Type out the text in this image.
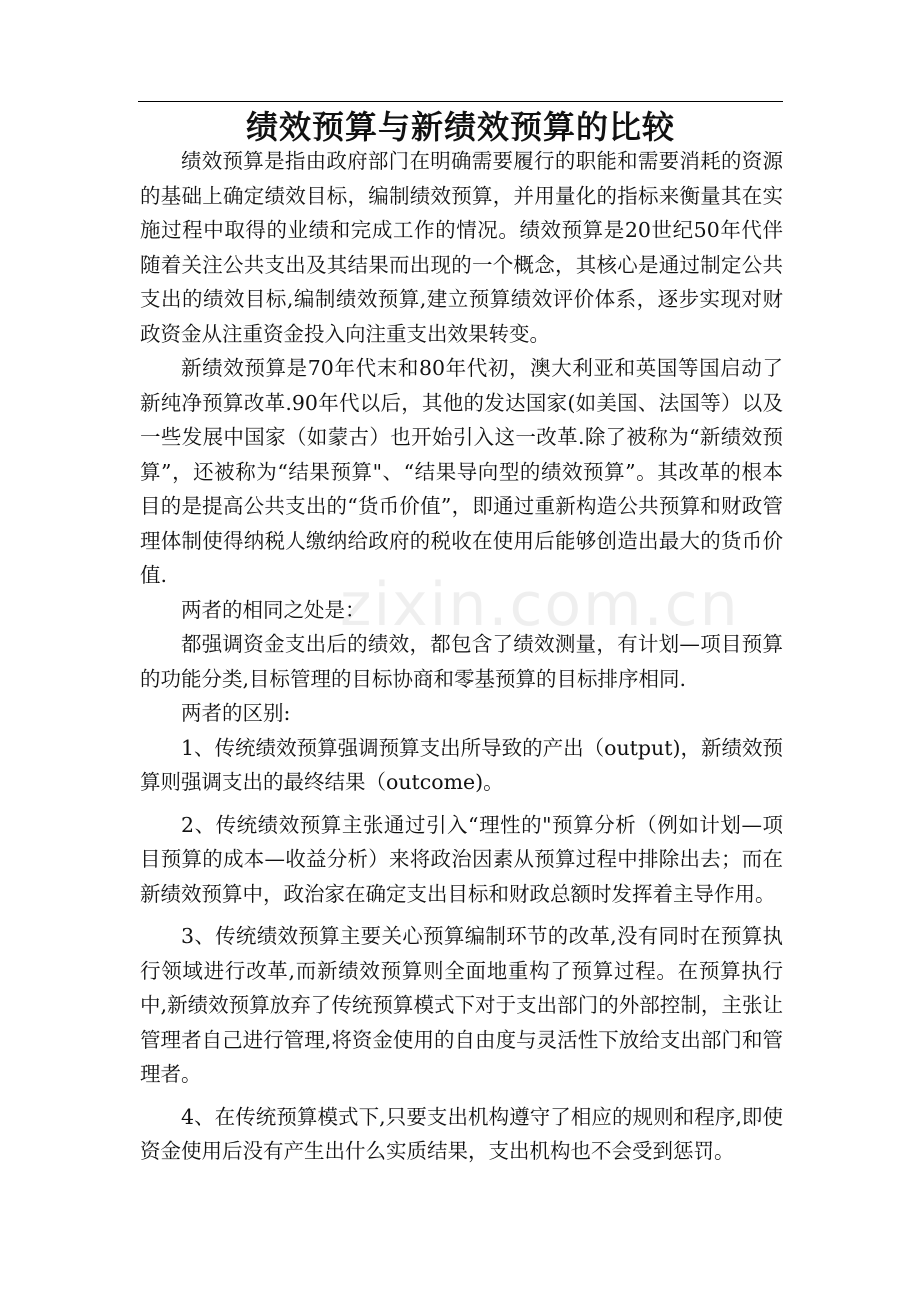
绩效预算与新绩效预算的比较

绩效预算是指由政府部门在明确需要履行的职能和需要消耗的资源的基础上确定绩效目标，编制绩效预算，并用量化的指标来衡量其在实施过程中取得的业绩和完成工作的情况。绩效预算是20世纪50年代伴随着关注公共支出及其结果而出现的一个概念，其核心是通过制定公共支出的绩效目标,编制绩效预算,建立预算绩效评价体系，逐步实现对财政资金从注重资金投入向注重支出效果转变。

新绩效预算是70年代末和80年代初，澳大利亚和英国等国启动了新纯净预算改革.90年代以后，其他的发达国家(如美国、法国等）以及一些发展中国家（如蒙古）也开始引入这一改革.除了被称为“新绩效预算”，还被称为“结果预算"、“结果导向型的绩效预算”。其改革的根本目的是提高公共支出的“货币价值”，即通过重新构造公共预算和财政管理体制使得纳税人缴纳给政府的税收在使用后能够创造出最大的货币价值.

两者的相同之处是：

都强调资金支出后的绩效，都包含了绩效测量，有计划—项目预算的功能分类,目标管理的目标协商和零基预算的目标排序相同.

两者的区别:

1、传统绩效预算强调预算支出所导致的产出（output)，新绩效预算则强调支出的最终结果（outcome)。

2、传统绩效预算主张通过引入“理性的"预算分析（例如计划—项目预算的成本—收益分析）来将政治因素从预算过程中排除出去；而在新绩效预算中，政治家在确定支出目标和财政总额时发挥着主导作用。

3、传统绩效预算主要关心预算编制环节的改革,没有同时在预算执行领域进行改革,而新绩效预算则全面地重构了预算过程。在预算执行中,新绩效预算放弃了传统预算模式下对于支出部门的外部控制，主张让管理者自己进行管理,将资金使用的自由度与灵活性下放给支出部门和管理者。

4、在传统预算模式下,只要支出机构遵守了相应的规则和程序,即使资金使用后没有产生出什么实质结果，支出机构也不会受到惩罚。

zixin.com.cn
